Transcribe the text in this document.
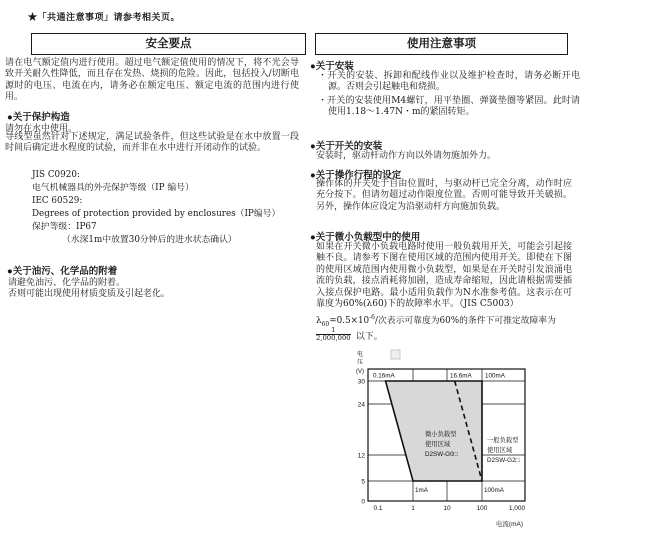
★「共通注意事项」请参考相关页。
安全要点
请在电气额定值内进行使用。超过电气额定值使用的情况下，将不光会导致开关耐久性降低，而且存在发热、烧损的危险。因此，包括投入/切断电源时的电压、电流在内，请务必在额定电压、额定电流的范围内进行使用。
●关于保护构造
请勿在水中使用。
导线型虽然针对下述规定，满足试验条件，但这些试验是在水中放置一段时间后确定进水程度的试验，而并非在水中进行开闭动作的试验。
JIS C0920:
电气机械器具的外壳保护等级（IP 编号）
IEC 60529:
Degrees of protection provided by enclosures（IP编号）
保护等级：IP67
（水深1m中放置30分钟后的进水状态确认）
●关于油污、化学品的附着
请避免油污、化学品的附着。
否则可能出现使用材质变质及引起老化。
使用注意事项
●关于安装
・开关的安装、拆卸和配线作业以及维护检查时，请务必断开电源。否则会引起触电和烧损。
・开关的安装使用M4螺钉，用平垫圈、弹簧垫圈等紧固。此时请使用1.18～1.47N・m的紧固转矩。
●关于开关的安装
安装时，驱动杆动作方向以外请勿施加外力。
●关于操作行程的设定
操作体的开关处于自由位置时，与驱动杆已完全分离，动作时应充分按下。但请勿超过动作限度位置。否则可能导致开关破损。另外，操作体应设定为沿驱动杆方向施加负载。
●关于微小负载型中的使用
如果在开关微小负载电路时使用一般负载用开关，可能会引起接触不良。请参考下图在使用区域的范围内使用开关。即使在下图的使用区域范围内使用微小负载型，如果是在开关时引发浪涌电流的负载，接点消耗将加剧，造成寿命缩短，因此请根据需要插入接点保护电路。最小适用负载作为N水准参考值。这表示在可靠度为60%(λ60)下的故障率水平。（JIS C5003）
$\lambda_{60}=0.5\times 10^{-6}/$次表示可靠度为60%的条件下可推定故障率为
$\frac{1}{2,000,000}$ 以下。
电
压
(V)
30
24
12
5
0
0.1	1	10	100	1,000
电流(mA)
0.16mA	16.6mA 100mA
1mA	100mA
微小负载型
使用区域
D2SW-G0□
一般负载型
使用区域
D2SW-G2□
